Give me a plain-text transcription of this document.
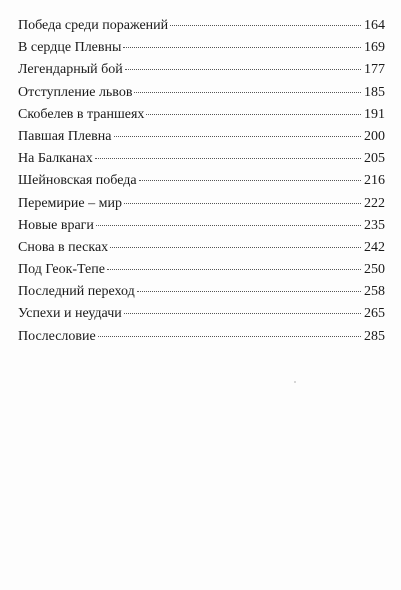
Победа среди поражений	164
В сердце Плевны	169
Легендарный бой	177
Отступление львов	185
Скобелев в траншеях	191
Павшая Плевна	200
На Балканах	205
Шейновская победа	216
Перемирие – мир	222
Новые враги	235
Снова в песках	242
Под Геок-Тепе	250
Последний переход	258
Успехи и неудачи	265
Послесловие	285
